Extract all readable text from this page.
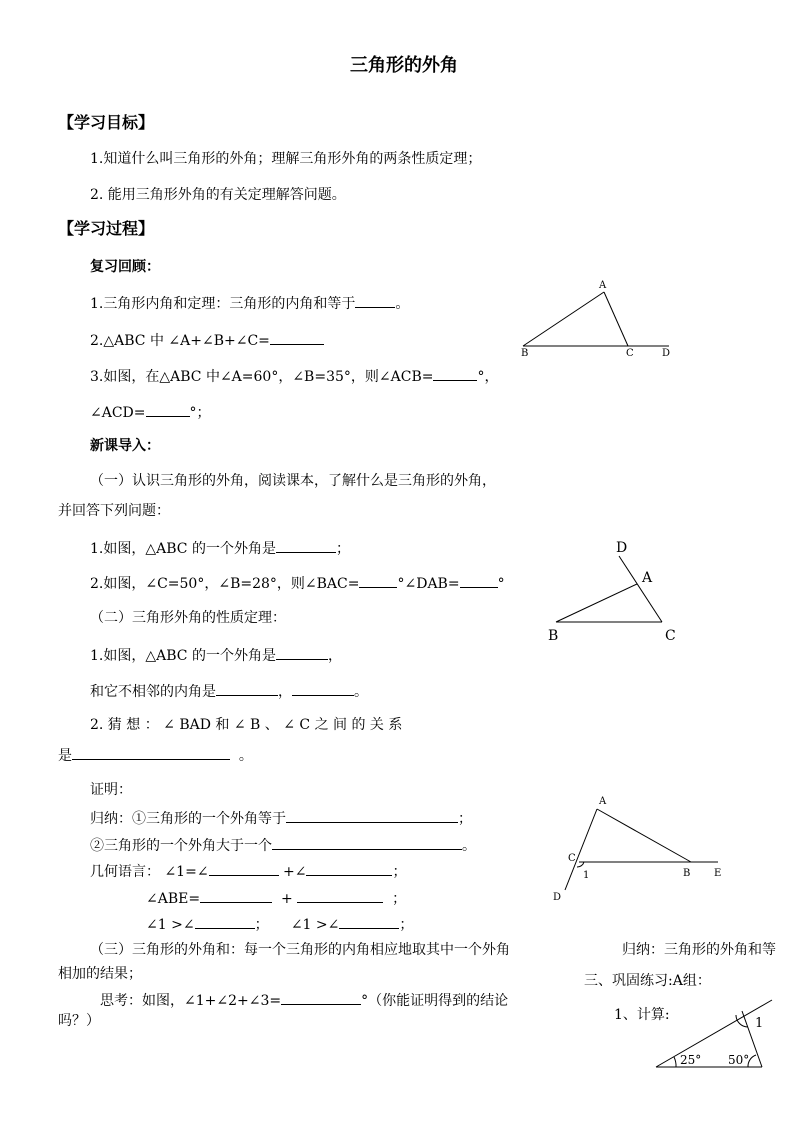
三角形的外角
【学习目标】
1.知道什么叫三角形的外角；理解三角形外角的两条性质定理；
2. 能用三角形外角的有关定理解答问题。
【学习过程】
复习回顾：
1.三角形内角和定理：三角形的内角和等于	。
2.△ABC 中 ∠A+∠B+∠C=
3.如图，在△ABC 中∠A=60°，∠B=35°，则∠ACB=	°，
∠ACD=	°；
新课导入：
（一）认识三角形的外角，阅读课本，了解什么是三角形的外角，
并回答下列问题：
1.如图，△ABC 的一个外角是	；
2.如图，∠C=50°，∠B=28°，则∠BAC=	°∠DAB=	°
（二）三角形外角的性质定理：
1.如图，△ABC 的一个外角是	，
和它不相邻的内角是	，	。
2. 猜 想 ： ∠ BAD 和 ∠ B 、 ∠ C 之 间 的 关 系
是	。
证明：
归纳：①三角形的一个外角等于	；
②三角形的一个外角大于一个	。
几何语言： ∠1=∠	+∠	；
∠ABE=	+	；
∠1 >∠	； ∠1 >∠	；
（三）三角形的外角和：每一个三角形的内角相应地取其中一个外角
相加的结果；
思考：如图，∠1+∠2+∠3=	°（你能证明得到的结论
吗？）
归纳：三角形的外角和等
三、巩固练习:A组：
1、计算:
A
B	C	D
D
A
B	C
A
C
1	B E
D
1
25° 50°
